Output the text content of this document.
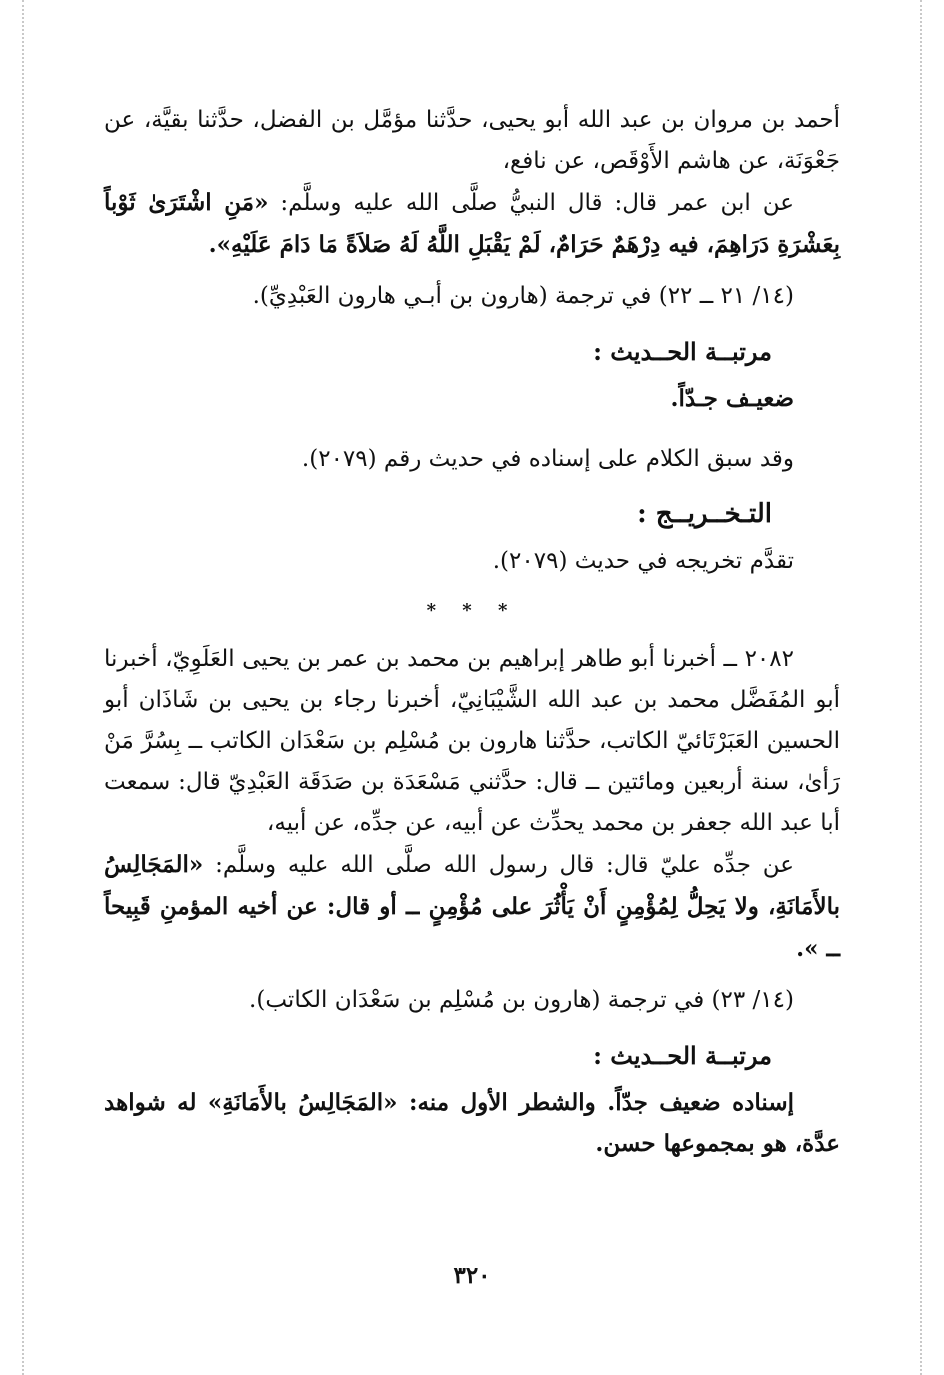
أحمد بن مروان بن عبد الله أبو يحيى، حدَّثنا مؤمَّل بن الفضل، حدَّثنا بقيَّة، عن جَعْوَنَة، عن هاشم الأَوْقَص، عن نافع،

عن ابن عمر قال: قال النبيُّ صلَّى الله عليه وسلَّم: «مَنِ اشْتَرَىٰ ثَوْباً بِعَشْرَةِ دَرَاهِمَ، فيه دِرْهَمٌ حَرَامٌ، لَمْ يَقْبَلِ اللَّهُ لَهُ صَلاَةً مَا دَامَ عَلَيْهِ».

(١٤/ ٢١ ــ ٢٢) في ترجمة (هارون بن أبـي هارون العَبْدِيِّ).

مرتبــة الحــديث :

ضعيـف جـدّاً.

وقد سبق الكلام على إسناده في حديث رقم (٢٠٧٩).

التـخــريــج :

تقدَّم تخريجه في حديث (٢٠٧٩).

* * *

٢٠٨٢ ــ أخبرنا أبو طاهر إبراهيم بن محمد بن عمر بن يحيى العَلَوِيّ، أخبرنا أبو المُفَضَّل محمد بن عبد الله الشَّيْبَانِيّ، أخبرنا رجاء بن يحيى بن شَاذَان أبو الحسين العَبَرْتَائيّ الكاتب، حدَّثنا هارون بن مُسْلِم بن سَعْدَان الكاتب ــ بِسُرَّ مَنْ رَأىٰ، سنة أربعين ومائتين ــ قال: حدَّثني مَسْعَدَة بن صَدَقَة العَبْدِيّ قال: سمعت أبا عبد الله جعفر بن محمد يحدِّث عن أبيه، عن جدِّه، عن أبيه،

عن جدِّه عليّ قال: قال رسول الله صلَّى الله عليه وسلَّم: «المَجَالِسُ بالأَمَانَةِ، ولا يَحِلُّ لِمُؤْمِنٍ أَنْ يَأْثُرَ على مُؤْمِنٍ ــ أو قال: عن أخيه المؤمنِ قَبِيحاً ــ ».

(١٤/ ٢٣) في ترجمة (هارون بن مُسْلِم بن سَعْدَان الكاتب).

مرتبــة الحــديث :

إسناده ضعيف جدّاً. والشطر الأول منه: «المَجَالِسُ بالأَمَانَةِ» له شواهد عدَّة، هو بمجموعها حسن.

٣٢٠
